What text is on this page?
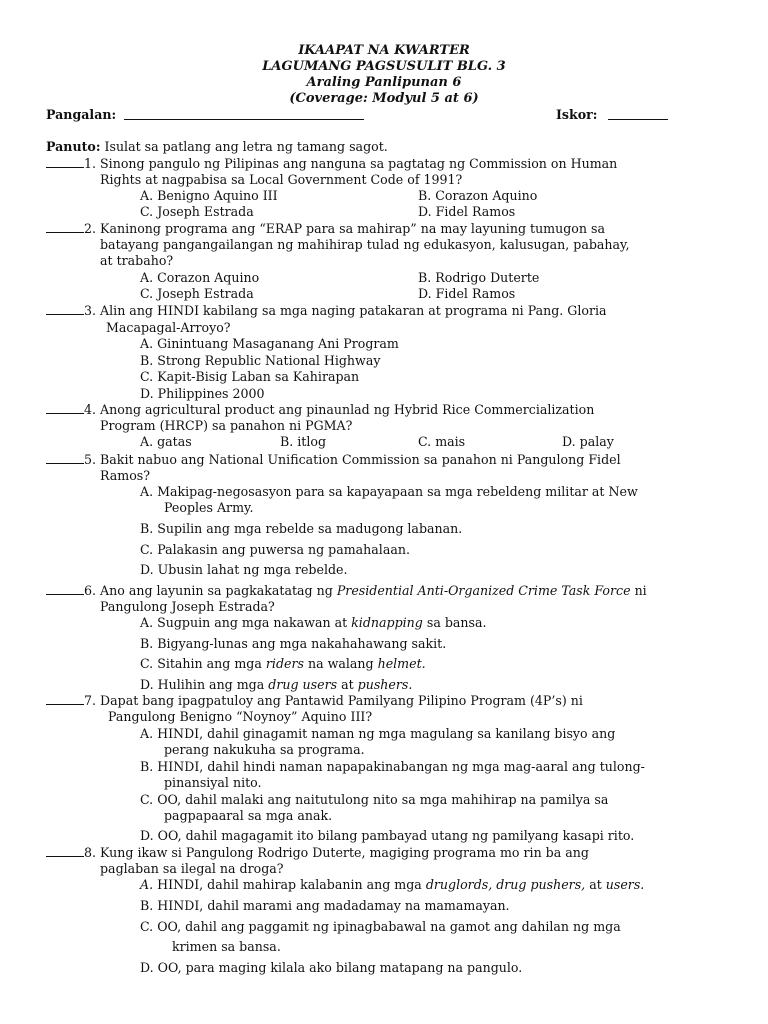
IKAAPAT NA KWARTER
LAGUMANG PAGSUSULIT BLG. 3
Araling Panlipunan 6
(Coverage: Modyul 5 at 6)
Pangalan:	Iskor:
Panuto: Isulat sa patlang ang letra ng tamang sagot.
1. Sinong pangulo ng Pilipinas ang nanguna sa pagtatag ng Commission on Human
Rights at nagpabisa sa Local Government Code of 1991?
A. Benigno Aquino III	B. Corazon Aquino
C. Joseph Estrada	D. Fidel Ramos
2. Kaninong programa ang “ERAP para sa mahirap” na may layuning tumugon sa
batayang pangangailangan ng mahihirap tulad ng edukasyon, kalusugan, pabahay,
at trabaho?
A. Corazon Aquino	B. Rodrigo Duterte
C. Joseph Estrada	D. Fidel Ramos
3. Alin ang HINDI kabilang sa mga naging patakaran at programa ni Pang. Gloria
Macapagal-Arroyo?
A. Ginintuang Masaganang Ani Program
B. Strong Republic National Highway
C. Kapit-Bisig Laban sa Kahirapan
D. Philippines 2000
4. Anong agricultural product ang pinaunlad ng Hybrid Rice Commercialization
Program (HRCP) sa panahon ni PGMA?
A. gatas	B. itlog	C. mais	D. palay
5. Bakit nabuo ang National Unification Commission sa panahon ni Pangulong Fidel
Ramos?
A. Makipag-negosasyon para sa kapayapaan sa mga rebeldeng militar at New
Peoples Army.
B. Supilin ang mga rebelde sa madugong labanan.
C. Palakasin ang puwersa ng pamahalaan.
D. Ubusin lahat ng mga rebelde.
6. Ano ang layunin sa pagkakatatag ng Presidential Anti-Organized Crime Task Force ni
Pangulong Joseph Estrada?
A. Sugpuin ang mga nakawan at kidnapping sa bansa.
B. Bigyang-lunas ang mga nakahahawang sakit.
C. Sitahin ang mga riders na walang helmet.
D. Hulihin ang mga drug users at pushers.
7. Dapat bang ipagpatuloy ang Pantawid Pamilyang Pilipino Program (4P’s) ni
Pangulong Benigno “Noynoy” Aquino III?
A. HINDI, dahil ginagamit naman ng mga magulang sa kanilang bisyo ang
perang nakukuha sa programa.
B. HINDI, dahil hindi naman napapakinabangan ng mga mag-aaral ang tulong-
pinansiyal nito.
C. OO, dahil malaki ang naitutulong nito sa mga mahihirap na pamilya sa
pagpapaaral sa mga anak.
D. OO, dahil magagamit ito bilang pambayad utang ng pamilyang kasapi rito.
8. Kung ikaw si Pangulong Rodrigo Duterte, magiging programa mo rin ba ang
paglaban sa ilegal na droga?
A. HINDI, dahil mahirap kalabanin ang mga druglords, drug pushers, at users.
B. HINDI, dahil marami ang madadamay na mamamayan.
C. OO, dahil ang paggamit ng ipinagbabawal na gamot ang dahilan ng mga
krimen sa bansa.
D. OO, para maging kilala ako bilang matapang na pangulo.
